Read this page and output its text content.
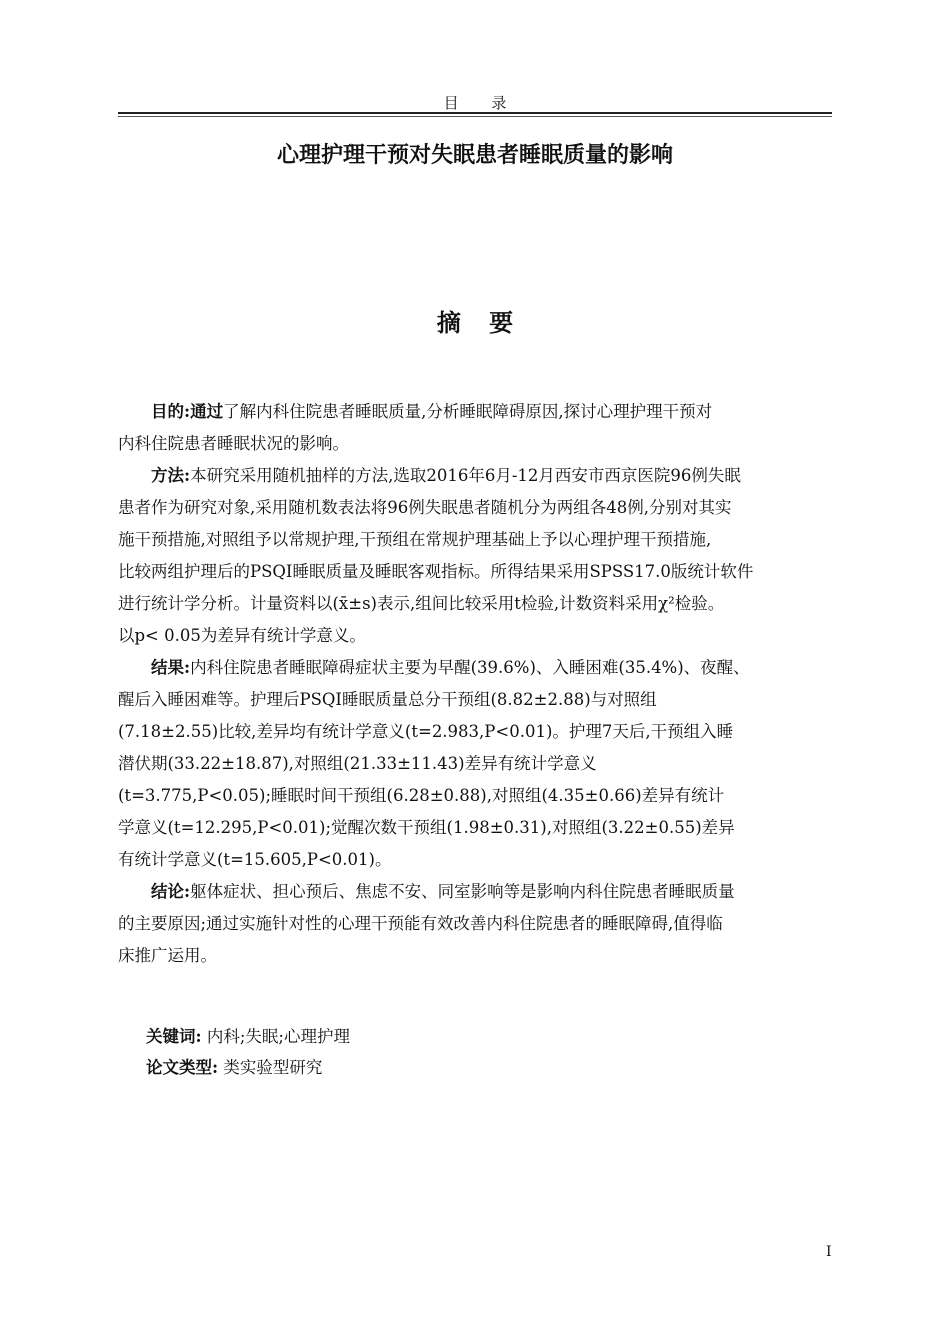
目 录
心理护理干预对失眠患者睡眠质量的影响
摘 要
目的:通过了解内科住院患者睡眠质量,分析睡眠障碍原因,探讨心理护理干预对
内科住院患者睡眠状况的影响。
方法:本研究采用随机抽样的方法,选取2016年6月-12月西安市西京医院96例失眠
患者作为研究对象,采用随机数表法将96例失眠患者随机分为两组各48例,分别对其实
施干预措施,对照组予以常规护理,干预组在常规护理基础上予以心理护理干预措施,
比较两组护理后的PSQI睡眠质量及睡眠客观指标。所得结果采用SPSS17.0版统计软件
进行统计学分析。计量资料以(x̄±s)表示,组间比较采用t检验,计数资料采用χ²检验。
以p< 0.05为差异有统计学意义。
结果:内科住院患者睡眠障碍症状主要为早醒(39.6%)、入睡困难(35.4%)、夜醒、
醒后入睡困难等。护理后PSQI睡眠质量总分干预组(8.82±2.88)与对照组
(7.18±2.55)比较,差异均有统计学意义(t=2.983,P<0.01)。护理7天后,干预组入睡
潜伏期(33.22±18.87),对照组(21.33±11.43)差异有统计学意义
(t=3.775,P<0.05);睡眠时间干预组(6.28±0.88),对照组(4.35±0.66)差异有统计
学意义(t=12.295,P<0.01);觉醒次数干预组(1.98±0.31),对照组(3.22±0.55)差异
有统计学意义(t=15.605,P<0.01)。
结论:躯体症状、担心预后、焦虑不安、同室影响等是影响内科住院患者睡眠质量
的主要原因;通过实施针对性的心理干预能有效改善内科住院患者的睡眠障碍,值得临
床推广运用。
关键词: 内科;失眠;心理护理
论文类型: 类实验型研究
I
